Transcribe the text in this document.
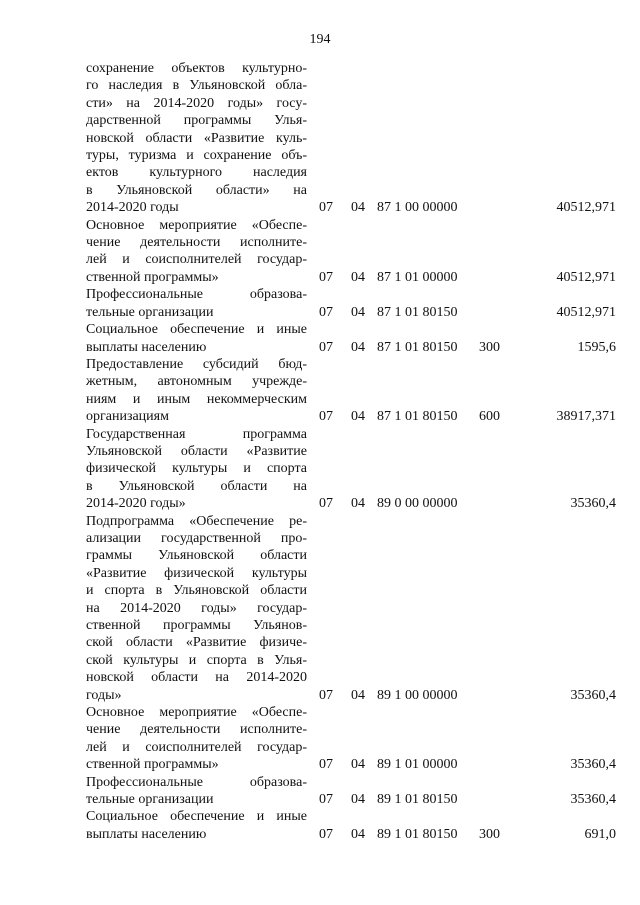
194
сохранение объектов культурно-
го наследия в Ульяновской обла-
сти» на 2014-2020 годы» госу-
дарственной программы Улья-
новской области «Развитие куль-
туры, туризма и сохранение объ-
ектов культурного наследия
в Ульяновской области» на
2014-2020 годы	07	04 87 1 00 00000	40512,971
Основное мероприятие «Обеспе-
чение деятельности исполните-
лей и соисполнителей государ-
ственной программы»	07	04 87 1 01 00000	40512,971
Профессиональные образова-
тельные организации	07	04 87 1 01 80150	40512,971
Социальное обеспечение и иные
выплаты населению	07	04 87 1 01 80150	300	1595,6
Предоставление субсидий бюд-
жетным, автономным учрежде-
ниям и иным некоммерческим
организациям	07	04 87 1 01 80150	600	38917,371
Государственная программа
Ульяновской области «Развитие
физической культуры и спорта
в Ульяновской области на
2014-2020 годы»	07	04 89 0 00 00000	35360,4
Подпрограмма «Обеспечение ре-
ализации государственной про-
граммы Ульяновской области
«Развитие физической культуры
и спорта в Ульяновской области
на 2014-2020 годы» государ-
ственной программы Ульянов-
ской области «Развитие физиче-
ской культуры и спорта в Улья-
новской области на 2014-2020
годы»	07	04 89 1 00 00000	35360,4
Основное мероприятие «Обеспе-
чение деятельности исполните-
лей и соисполнителей государ-
ственной программы»	07	04 89 1 01 00000	35360,4
Профессиональные образова-
тельные организации	07	04 89 1 01 80150	35360,4
Социальное обеспечение и иные
выплаты населению	07	04 89 1 01 80150	300	691,0
